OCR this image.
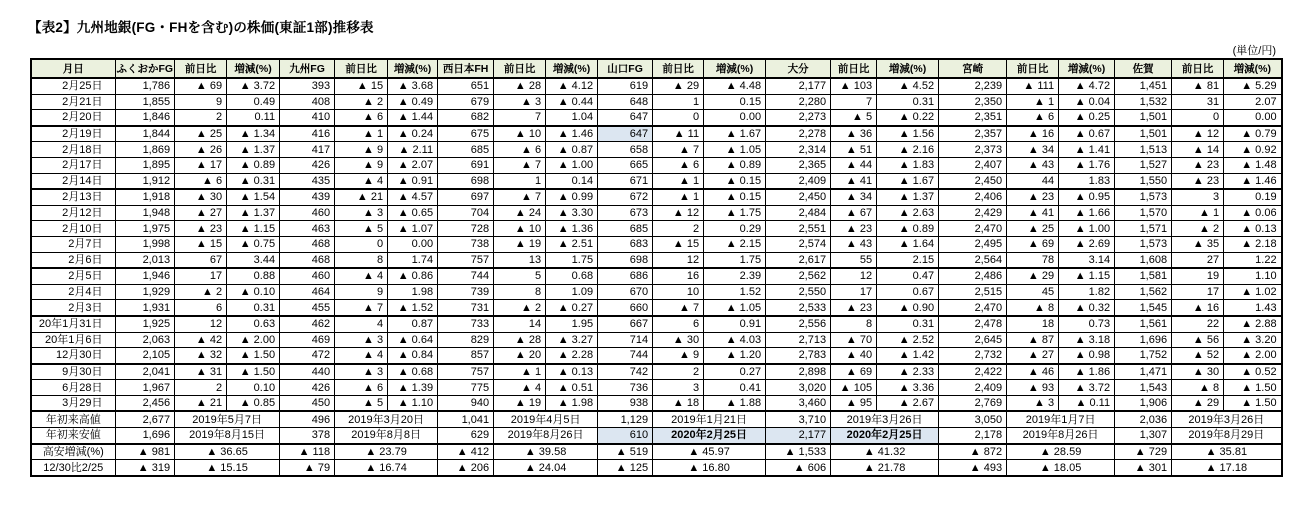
【表2】九州地銀(FG・FHを含む)の株価(東証1部)推移表
(単位/円)
月日	ふくおかFG	前日比	増減(%)	九州FG	前日比	増減(%)	西日本FH	前日比	増減(%)	山口FG	前日比	増減(%)	大分	前日比	増減(%)	宮崎	前日比	増減(%)	佐賀	前日比	増減(%)
2月25日	1,786	▲ 69	▲ 3.72	393	▲ 15	▲ 3.68	651	▲ 28	▲ 4.12	619	▲ 29	▲ 4.48	2,177	▲ 103	▲ 4.52	2,239	▲ 111	▲ 4.72	1,451	▲ 81	▲ 5.29
2月21日	1,855	9	0.49	408	▲ 2	▲ 0.49	679	▲ 3	▲ 0.44	648	1	0.15	2,280	7	0.31	2,350	▲ 1	▲ 0.04	1,532	31	2.07
2月20日	1,846	2	0.11	410	▲ 6	▲ 1.44	682	7	1.04	647	0	0.00	2,273	▲ 5	▲ 0.22	2,351	▲ 6	▲ 0.25	1,501	0	0.00
2月19日	1,844	▲ 25	▲ 1.34	416	▲ 1	▲ 0.24	675	▲ 10	▲ 1.46	647	▲ 11	▲ 1.67	2,278	▲ 36	▲ 1.56	2,357	▲ 16	▲ 0.67	1,501	▲ 12	▲ 0.79
2月18日	1,869	▲ 26	▲ 1.37	417	▲ 9	▲ 2.11	685	▲ 6	▲ 0.87	658	▲ 7	▲ 1.05	2,314	▲ 51	▲ 2.16	2,373	▲ 34	▲ 1.41	1,513	▲ 14	▲ 0.92
2月17日	1,895	▲ 17	▲ 0.89	426	▲ 9	▲ 2.07	691	▲ 7	▲ 1.00	665	▲ 6	▲ 0.89	2,365	▲ 44	▲ 1.83	2,407	▲ 43	▲ 1.76	1,527	▲ 23	▲ 1.48
2月14日	1,912	▲ 6	▲ 0.31	435	▲ 4	▲ 0.91	698	1	0.14	671	▲ 1	▲ 0.15	2,409	▲ 41	▲ 1.67	2,450	44	1.83	1,550	▲ 23	▲ 1.46
2月13日	1,918	▲ 30	▲ 1.54	439	▲ 21	▲ 4.57	697	▲ 7	▲ 0.99	672	▲ 1	▲ 0.15	2,450	▲ 34	▲ 1.37	2,406	▲ 23	▲ 0.95	1,573	3	0.19
2月12日	1,948	▲ 27	▲ 1.37	460	▲ 3	▲ 0.65	704	▲ 24	▲ 3.30	673	▲ 12	▲ 1.75	2,484	▲ 67	▲ 2.63	2,429	▲ 41	▲ 1.66	1,570	▲ 1	▲ 0.06
2月10日	1,975	▲ 23	▲ 1.15	463	▲ 5	▲ 1.07	728	▲ 10	▲ 1.36	685	2	0.29	2,551	▲ 23	▲ 0.89	2,470	▲ 25	▲ 1.00	1,571	▲ 2	▲ 0.13
2月7日	1,998	▲ 15	▲ 0.75	468	0	0.00	738	▲ 19	▲ 2.51	683	▲ 15	▲ 2.15	2,574	▲ 43	▲ 1.64	2,495	▲ 69	▲ 2.69	1,573	▲ 35	▲ 2.18
2月6日	2,013	67	3.44	468	8	1.74	757	13	1.75	698	12	1.75	2,617	55	2.15	2,564	78	3.14	1,608	27	1.22
2月5日	1,946	17	0.88	460	▲ 4	▲ 0.86	744	5	0.68	686	16	2.39	2,562	12	0.47	2,486	▲ 29	▲ 1.15	1,581	19	1.10
2月4日	1,929	▲ 2	▲ 0.10	464	9	1.98	739	8	1.09	670	10	1.52	2,550	17	0.67	2,515	45	1.82	1,562	17	▲ 1.02
2月3日	1,931	6	0.31	455	▲ 7	▲ 1.52	731	▲ 2	▲ 0.27	660	▲ 7	▲ 1.05	2,533	▲ 23	▲ 0.90	2,470	▲ 8	▲ 0.32	1,545	▲ 16	1.43
20年1月31日	1,925	12	0.63	462	4	0.87	733	14	1.95	667	6	0.91	2,556	8	0.31	2,478	18	0.73	1,561	22	▲ 2.88
20年1月6日	2,063	▲ 42	▲ 2.00	469	▲ 3	▲ 0.64	829	▲ 28	▲ 3.27	714	▲ 30	▲ 4.03	2,713	▲ 70	▲ 2.52	2,645	▲ 87	▲ 3.18	1,696	▲ 56	▲ 3.20
12月30日	2,105	▲ 32	▲ 1.50	472	▲ 4	▲ 0.84	857	▲ 20	▲ 2.28	744	▲ 9	▲ 1.20	2,783	▲ 40	▲ 1.42	2,732	▲ 27	▲ 0.98	1,752	▲ 52	▲ 2.00
9月30日	2,041	▲ 31	▲ 1.50	440	▲ 3	▲ 0.68	757	▲ 1	▲ 0.13	742	2	0.27	2,898	▲ 69	▲ 2.33	2,422	▲ 46	▲ 1.86	1,471	▲ 30	▲ 0.52
6月28日	1,967	2	0.10	426	▲ 6	▲ 1.39	775	▲ 4	▲ 0.51	736	3	0.41	3,020	▲ 105	▲ 3.36	2,409	▲ 93	▲ 3.72	1,543	▲ 8	▲ 1.50
3月29日	2,456	▲ 21	▲ 0.85	450	▲ 5	▲ 1.10	940	▲ 19	▲ 1.98	938	▲ 18	▲ 1.88	3,460	▲ 95	▲ 2.67	2,769	▲ 3	▲ 0.11	1,906	▲ 29	▲ 1.50
年初来高値	2,677	2019年5月7日		496	2019年3月20日		1,041	2019年4月5日		1,129	2019年1月21日		3,710	2019年3月26日		3,050	2019年1月7日		2,036	2019年3月26日	
年初来安値	1,696	2019年8月15日		378	2019年8月8日		629	2019年8月26日		610	2020年2月25日		2,177	2020年2月25日		2,178	2019年8月26日		1,307	2019年8月29日	
高安増減(%)	▲ 981	▲ 36.65		▲ 118	▲ 23.79		▲ 412	▲ 39.58		▲ 519	▲ 45.97		▲ 1,533	▲ 41.32		▲ 872	▲ 28.59		▲ 729	▲ 35.81	
12/30比2/25	▲ 319	▲ 15.15		▲ 79	▲ 16.74		▲ 206	▲ 24.04		▲ 125	▲ 16.80		▲ 606	▲ 21.78		▲ 493	▲ 18.05		▲ 301	▲ 17.18	
